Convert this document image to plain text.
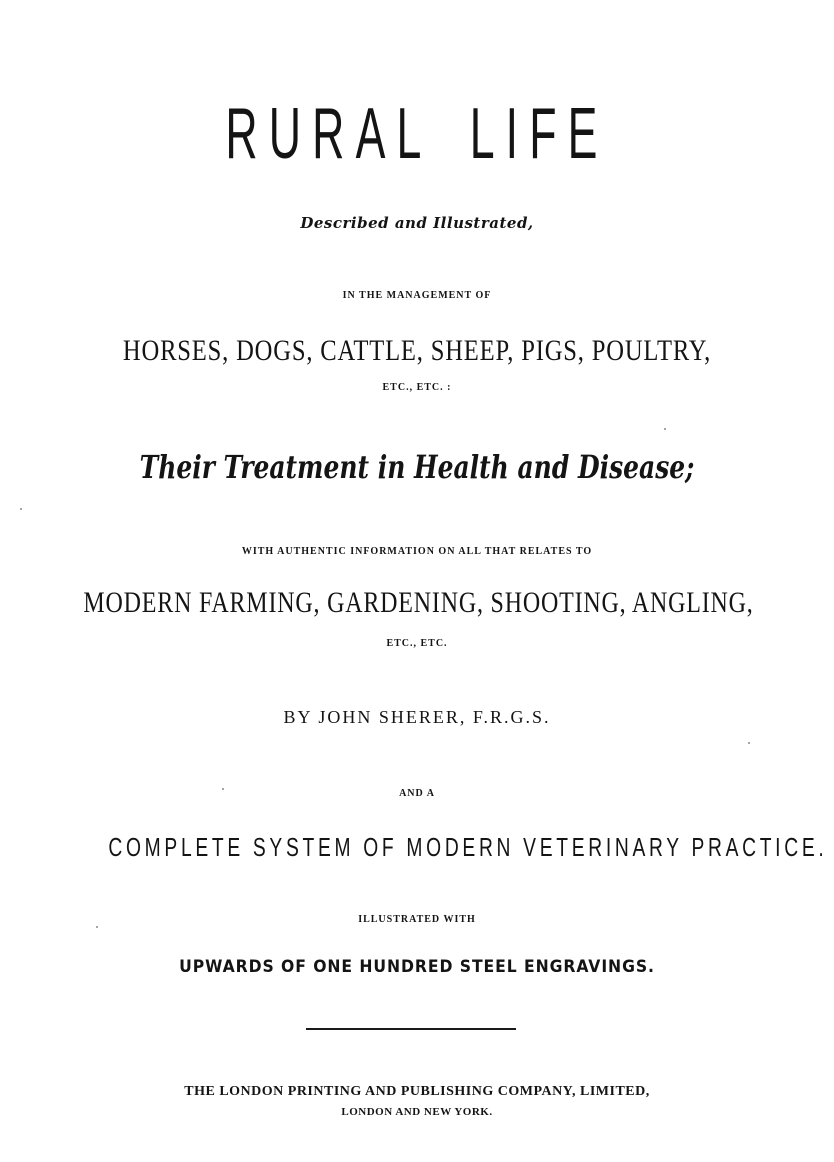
RURAL LIFE
Described and Illustrated,
IN THE MANAGEMENT OF
HORSES, DOGS, CATTLE, SHEEP, PIGS, POULTRY,
ETC., ETC. :
Their Treatment in Health and Disease;
WITH AUTHENTIC INFORMATION ON ALL THAT RELATES TO
MODERN FARMING, GARDENING, SHOOTING, ANGLING,
ETC., ETC.
BY JOHN SHERER, F.R.G.S.
AND A
COMPLETE SYSTEM OF MODERN VETERINARY PRACTICE.
ILLUSTRATED WITH
UPWARDS OF ONE HUNDRED STEEL ENGRAVINGS.
THE LONDON PRINTING AND PUBLISHING COMPANY, LIMITED,
LONDON AND NEW YORK.
